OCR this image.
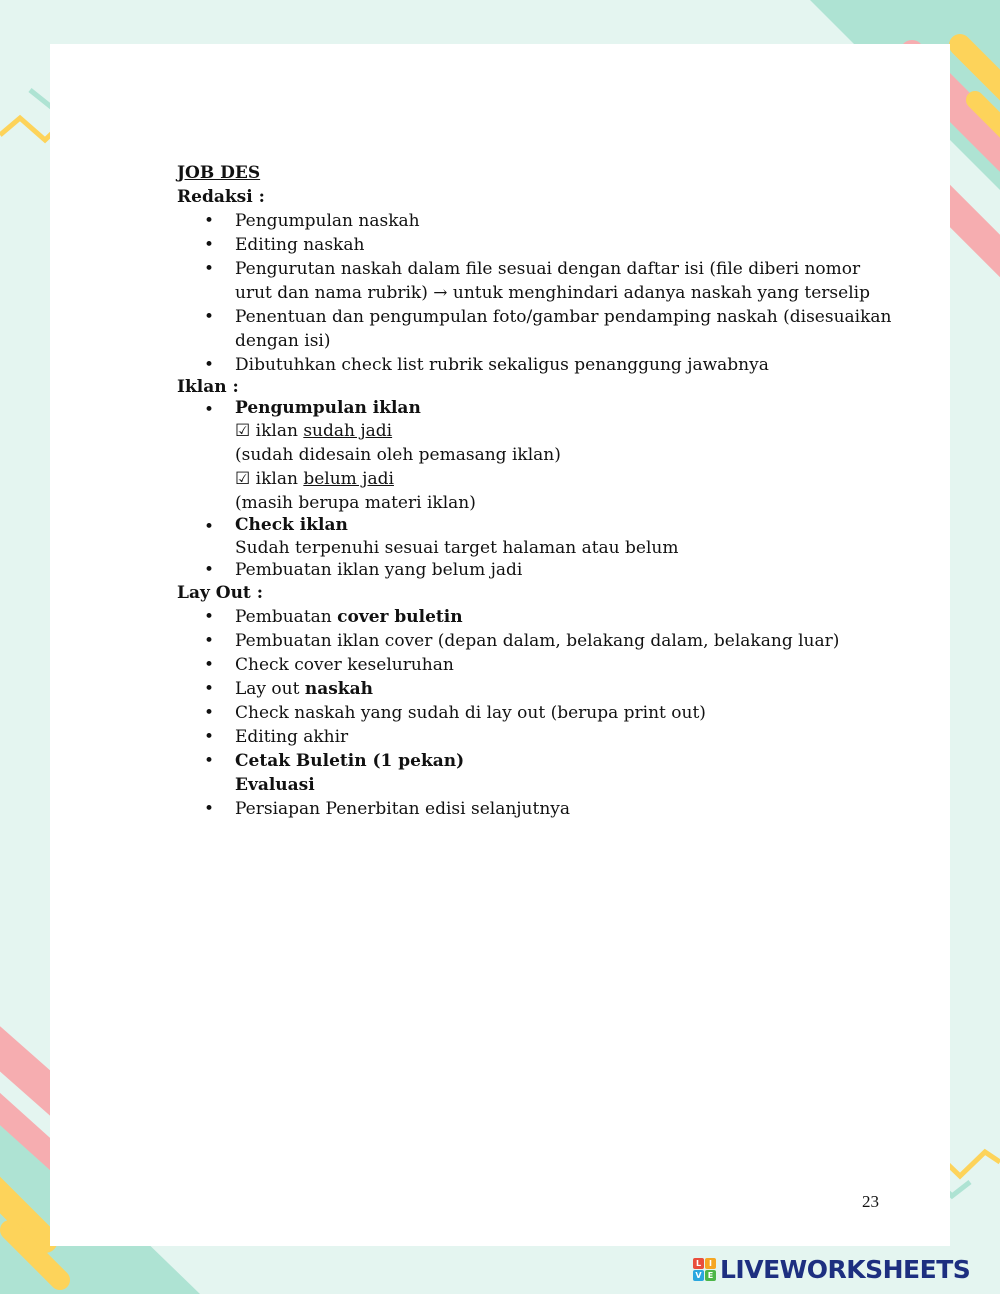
JOB DES
Redaksi :
• Pengumpulan naskah
• Editing naskah
• Pengurutan naskah dalam file sesuai dengan daftar isi (file diberi nomor urut dan nama rubrik) → untuk menghindari adanya naskah yang terselip
• Penentuan dan pengumpulan foto/gambar pendamping naskah (disesuaikan dengan isi)
• Dibutuhkan check list rubrik sekaligus penanggung jawabnya
Iklan :
• Pengumpulan iklan
☑ iklan sudah jadi
(sudah didesain oleh pemasang iklan)
☑ iklan belum jadi
(masih berupa materi iklan)
• Check iklan
Sudah terpenuhi sesuai target halaman atau belum
• Pembuatan iklan yang belum jadi
Lay Out :
• Pembuatan cover buletin
• Pembuatan iklan cover (depan dalam, belakang dalam, belakang luar)
• Check cover keseluruhan
• Lay out naskah
• Check naskah yang sudah di lay out (berupa print out)
• Editing akhir
• Cetak Buletin (1 pekan)
Evaluasi
• Persiapan Penerbitan edisi selanjutnya
23
L I
V E LIVEWORKSHEETS
